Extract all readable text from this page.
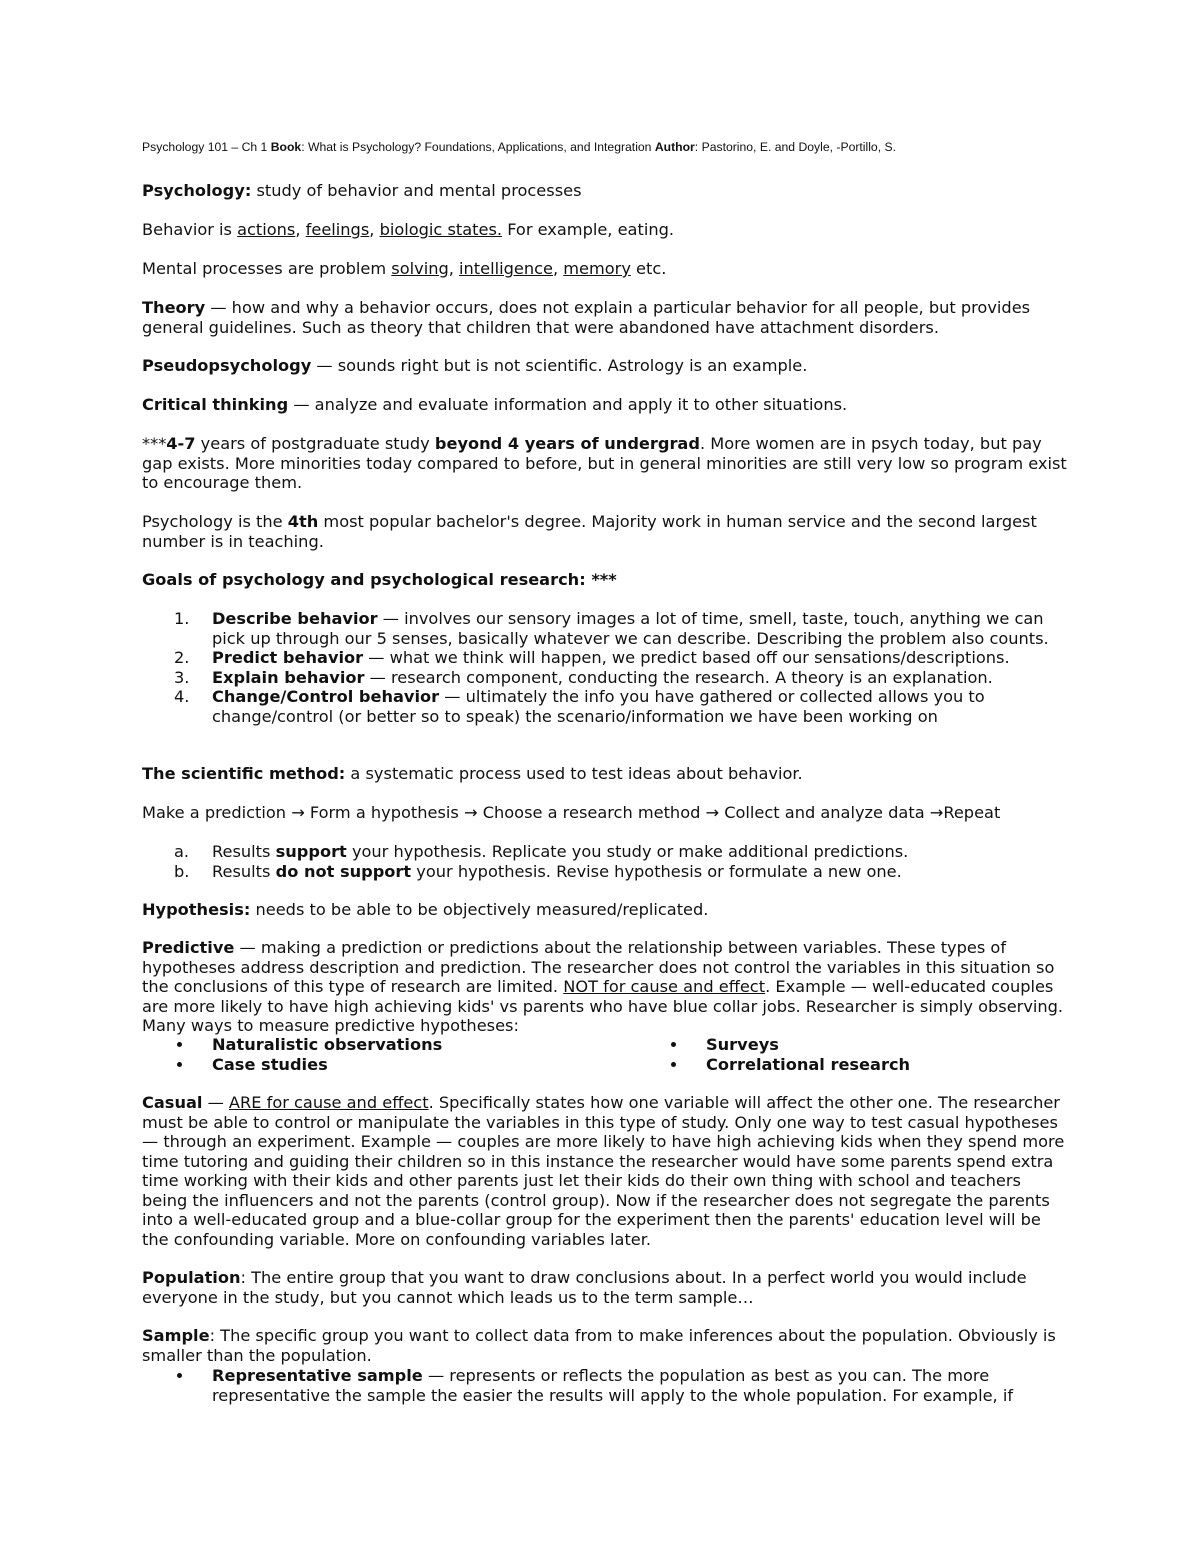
Psychology 101 – Ch 1 Book: What is Psychology? Foundations, Applications, and Integration Author: Pastorino, E. and Doyle, -Portillo, S.
Psychology: study of behavior and mental processes
Behavior is actions, feelings, biologic states. For example, eating.
Mental processes are problem solving, intelligence, memory etc.
Theory — how and why a behavior occurs, does not explain a particular behavior for all people, but provides general guidelines. Such as theory that children that were abandoned have attachment disorders.
Pseudopsychology — sounds right but is not scientific. Astrology is an example.
Critical thinking — analyze and evaluate information and apply it to other situations.
***4-7 years of postgraduate study beyond 4 years of undergrad. More women are in psych today, but pay gap exists. More minorities today compared to before, but in general minorities are still very low so program exist to encourage them.
Psychology is the 4th most popular bachelor's degree. Majority work in human service and the second largest number is in teaching.
Goals of psychology and psychological research: ***
1. Describe behavior — involves our sensory images a lot of time, smell, taste, touch, anything we can pick up through our 5 senses, basically whatever we can describe. Describing the problem also counts.
2. Predict behavior — what we think will happen, we predict based off our sensations/descriptions.
3. Explain behavior — research component, conducting the research. A theory is an explanation.
4. Change/Control behavior — ultimately the info you have gathered or collected allows you to change/control (or better so to speak) the scenario/information we have been working on
The scientific method: a systematic process used to test ideas about behavior.
Make a prediction → Form a hypothesis → Choose a research method → Collect and analyze data →Repeat
a. Results support your hypothesis. Replicate you study or make additional predictions.
b. Results do not support your hypothesis. Revise hypothesis or formulate a new one.
Hypothesis: needs to be able to be objectively measured/replicated.
Predictive — making a prediction or predictions about the relationship between variables. These types of hypotheses address description and prediction. The researcher does not control the variables in this situation so the conclusions of this type of research are limited. NOT for cause and effect. Example — well-educated couples are more likely to have high achieving kids' vs parents who have blue collar jobs. Researcher is simply observing. Many ways to measure predictive hypotheses:
Naturalistic observations	Surveys
Case studies	Correlational research
Casual — ARE for cause and effect. Specifically states how one variable will affect the other one. The researcher must be able to control or manipulate the variables in this type of study. Only one way to test casual hypotheses — through an experiment. Example — couples are more likely to have high achieving kids when they spend more time tutoring and guiding their children so in this instance the researcher would have some parents spend extra time working with their kids and other parents just let their kids do their own thing with school and teachers being the influencers and not the parents (control group). Now if the researcher does not segregate the parents into a well-educated group and a blue-collar group for the experiment then the parents' education level will be the confounding variable. More on confounding variables later.
Population: The entire group that you want to draw conclusions about. In a perfect world you would include everyone in the study, but you cannot which leads us to the term sample…
Sample: The specific group you want to collect data from to make inferences about the population. Obviously is smaller than the population.
Representative sample — represents or reflects the population as best as you can. The more representative the sample the easier the results will apply to the whole population. For example, if
